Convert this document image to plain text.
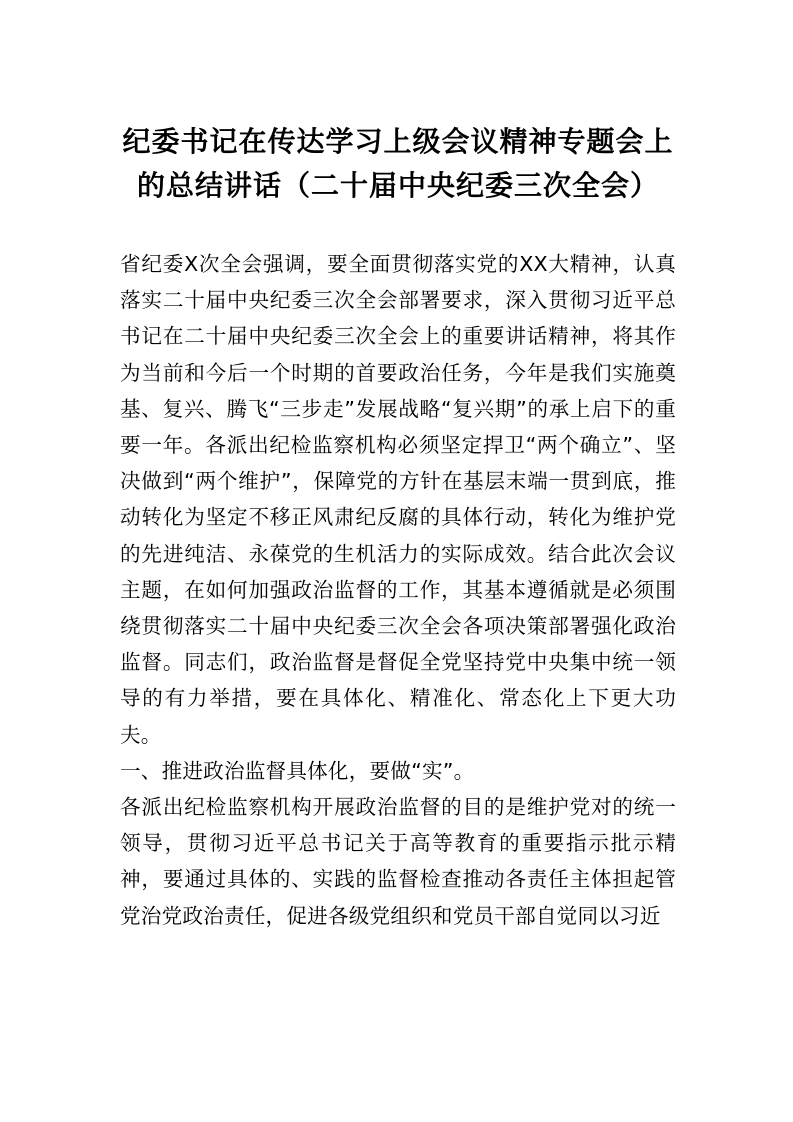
纪委书记在传达学习上级会议精神专题会上的总结讲话（二十届中央纪委三次全会）

省纪委X次全会强调，要全面贯彻落实党的XX大精神，认真落实二十届中央纪委三次全会部署要求，深入贯彻习近平总书记在二十届中央纪委三次全会上的重要讲话精神，将其作为当前和今后一个时期的首要政治任务，今年是我们实施奠基、复兴、腾飞“三步走”发展战略“复兴期”的承上启下的重要一年。各派出纪检监察机构必须坚定捍卫“两个确立”、坚决做到“两个维护”，保障党的方针在基层末端一贯到底，推动转化为坚定不移正风肃纪反腐的具体行动，转化为维护党的先进纯洁、永葆党的生机活力的实际成效。结合此次会议主题，在如何加强政治监督的工作，其基本遵循就是必须围绕贯彻落实二十届中央纪委三次全会各项决策部署强化政治监督。同志们，政治监督是督促全党坚持党中央集中统一领导的有力举措，要在具体化、精准化、常态化上下更大功夫。

一、推进政治监督具体化，要做“实”。

各派出纪检监察机构开展政治监督的目的是维护党对的统一领导，贯彻习近平总书记关于高等教育的重要指示批示精神，要通过具体的、实践的监督检查推动各责任主体担起管党治党政治责任，促进各级党组织和党员干部自觉同以习近
